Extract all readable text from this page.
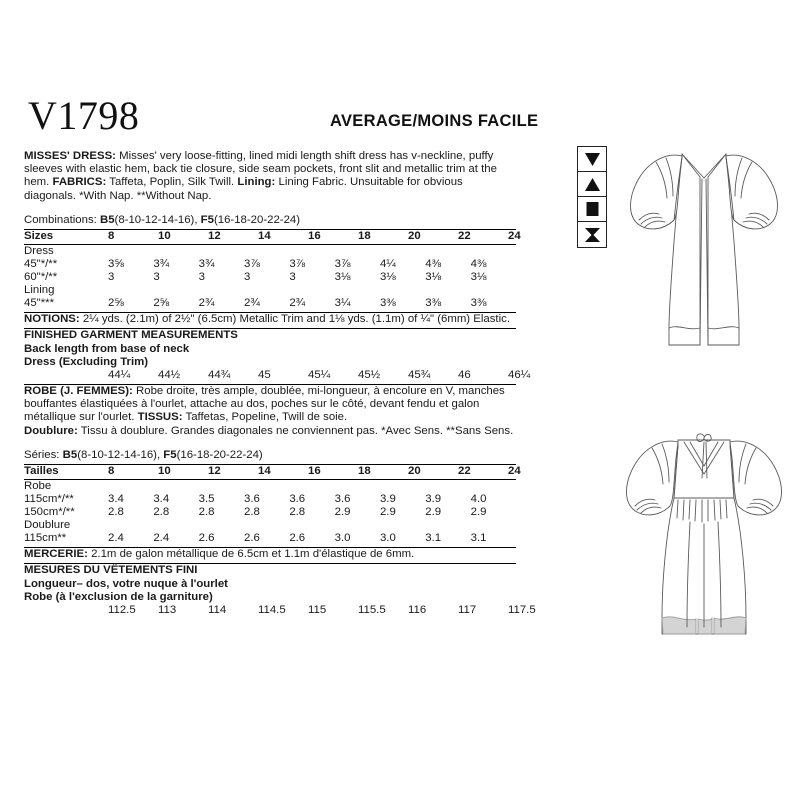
V1798	AVERAGE/MOINS FACILE

MISSES' DRESS: Misses' very loose-fitting, lined midi length shift dress has v-neckline, puffy sleeves with elastic hem, back tie closure, side seam pockets, front slit and metallic trim at the hem. FABRICS: Taffeta, Poplin, Silk Twill. Lining: Lining Fabric. Unsuitable for obvious diagonals. *With Nap. **Without Nap.

Combinations: B5(8-10-12-14-16), F5(16-18-20-22-24)
Sizes	8	10	12	14	16	18	20	22	24
Dress									
45"*/**	3⅝	3¾	3¾	3⅞	3⅞	3⅞	4¼	4⅜	4⅜
60"*/**	3	3	3	3	3	3⅛	3⅛	3⅛	3⅛
Lining									
45"***	2⅝	2⅝	2¾	2¾	2¾	3¼	3⅜	3⅜	3⅜

NOTIONS: 2¼ yds. (2.1m) of 2½" (6.5cm) Metallic Trim and 1⅛ yds. (1.1m) of ¼" (6mm) Elastic.

FINISHED GARMENT MEASUREMENTS
Back length from base of neck
Dress (Excluding Trim)
	44¼	44½	44¾	45	45¼	45½	45¾	46	46¼

ROBE (J. FEMMES): Robe droite, très ample, doublée, mi-longueur, à encolure en V, manches bouffantes élastiquées à l'ourlet, attache au dos, poches sur le côté, devant fendu et galon métallique sur l'ourlet. TISSUS: Taffetas, Popeline, Twill de soie.
Doublure: Tissu à doublure. Grandes diagonales ne conviennent pas. *Avec Sens. **Sans Sens.

Séries: B5(8-10-12-14-16), F5(16-18-20-22-24)
Tailles	8	10	12	14	16	18	20	22	24
Robe									
115cm*/**	3.4	3.4	3.5	3.6	3.6	3.6	3.9	3.9	4.0
150cm*/**	2.8	2.8	2.8	2.8	2.8	2.9	2.9	2.9	2.9
Doublure									
115cm**	2.4	2.4	2.6	2.6	2.6	3.0	3.0	3.1	3.1

MERCERIE: 2.1m de galon métallique de 6.5cm et 1.1m d'élastique de 6mm.

MESURES DU VÊTEMENTS FINI
Longueur– dos, votre nuque à l'ourlet
Robe (à l'exclusion de la garniture)
	112.5	113	114	114.5	115	115.5	116	117	117.5
